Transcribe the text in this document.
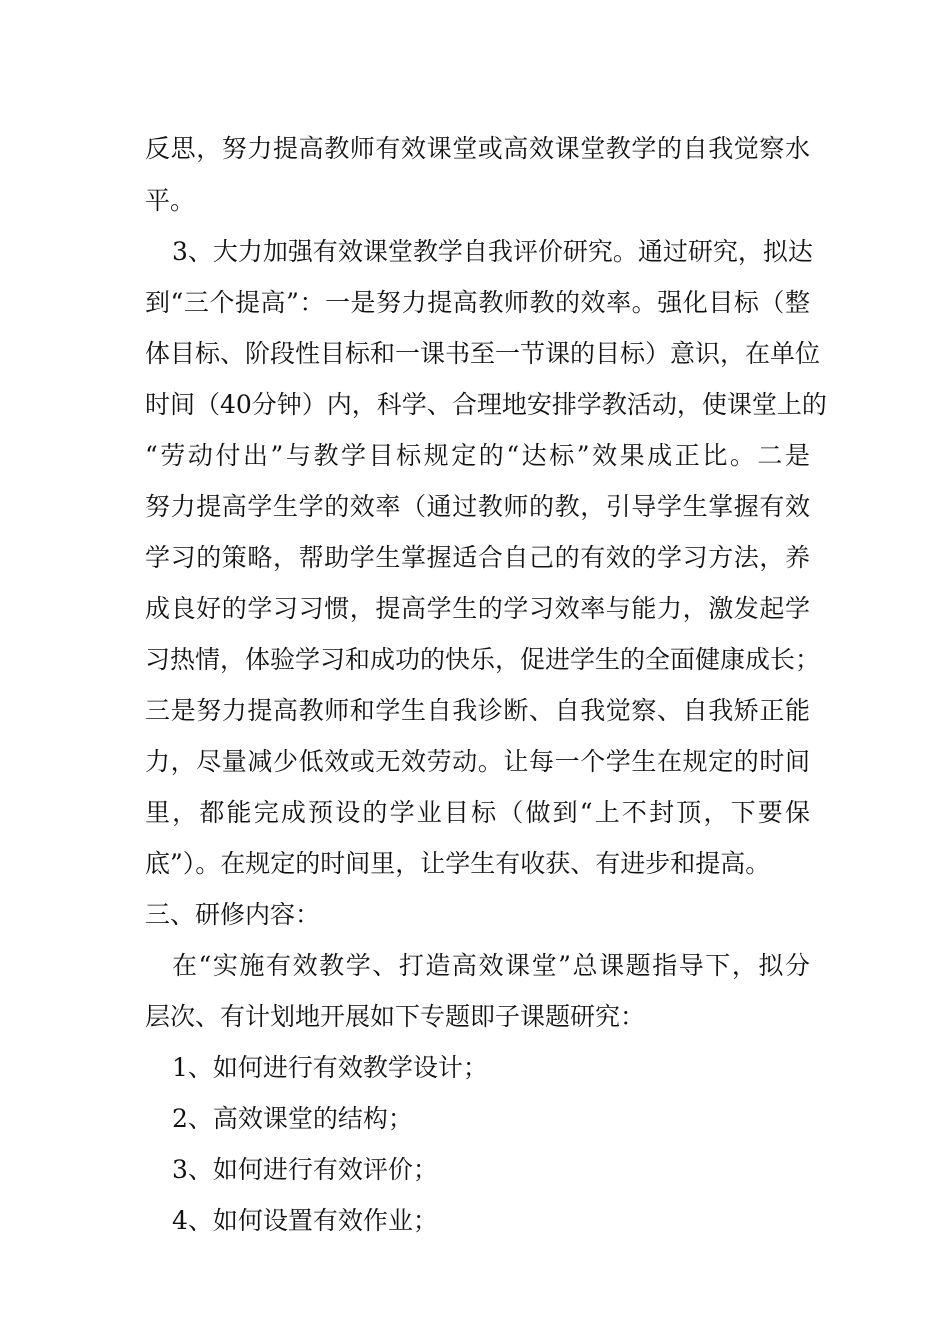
反思，努力提高教师有效课堂或高效课堂教学的自我觉察水
平。
3、大力加强有效课堂教学自我评价研究。通过研究，拟达
到“三个提高”：一是努力提高教师教的效率。强化目标（整
体目标、阶段性目标和一课书至一节课的目标）意识，在单位
时间（40分钟）内，科学、合理地安排学教活动，使课堂上的
“劳动付出”与教学目标规定的“达标”效果成正比。二是
努力提高学生学的效率（通过教师的教，引导学生掌握有效
学习的策略，帮助学生掌握适合自己的有效的学习方法，养
成良好的学习习惯，提高学生的学习效率与能力，激发起学
习热情，体验学习和成功的快乐，促进学生的全面健康成长；
三是努力提高教师和学生自我诊断、自我觉察、自我矫正能
力，尽量减少低效或无效劳动。让每一个学生在规定的时间
里，都能完成预设的学业目标（做到“上不封顶，下要保
底”）。在规定的时间里，让学生有收获、有进步和提高。
三、研修内容：
在“实施有效教学、打造高效课堂”总课题指导下，拟分
层次、有计划地开展如下专题即子课题研究：
1、如何进行有效教学设计；
2、高效课堂的结构；
3、如何进行有效评价；
4、如何设置有效作业；
